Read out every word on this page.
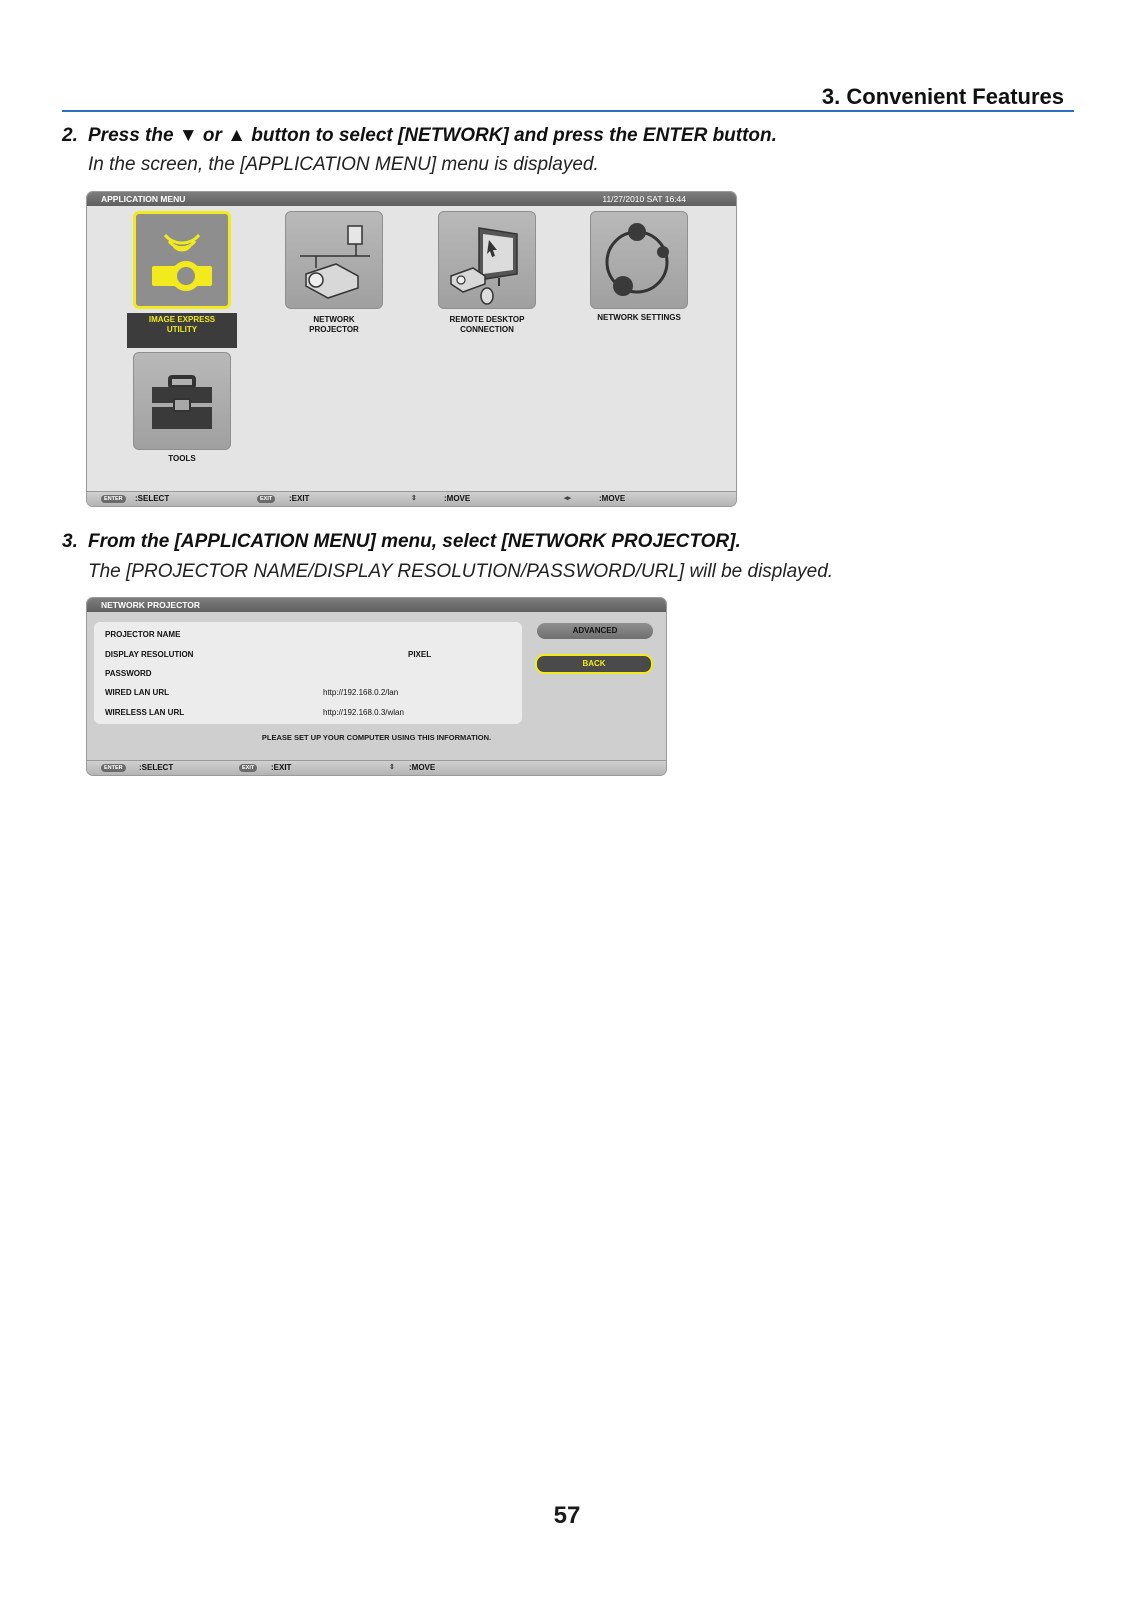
3. Convenient Features
2. Press the ▼ or ▲ button to select [NETWORK] and press the ENTER button.
In the screen, the [APPLICATION MENU] menu is displayed.
APPLICATION MENU	11/27/2010 SAT 16:44
IMAGE EXPRESS
UTILITY
NETWORK
PROJECTOR
REMOTE DESKTOP
CONNECTION
NETWORK SETTINGS
TOOLS
ENTER	:SELECT	EXIT	:EXIT	⇕	:MOVE	◂▸	:MOVE
3. From the [APPLICATION MENU] menu, select [NETWORK PROJECTOR].
The [PROJECTOR NAME/DISPLAY RESOLUTION/PASSWORD/URL] will be displayed.
NETWORK PROJECTOR
PROJECTOR NAME
DISPLAY RESOLUTION	PIXEL
PASSWORD
WIRED LAN URL	http://192.168.0.2/lan
WIRELESS LAN URL	http://192.168.0.3/wlan
ADVANCED
BACK
PLEASE SET UP YOUR COMPUTER USING THIS INFORMATION.
ENTER	:SELECT	EXIT	:EXIT	⇕ :MOVE
57
